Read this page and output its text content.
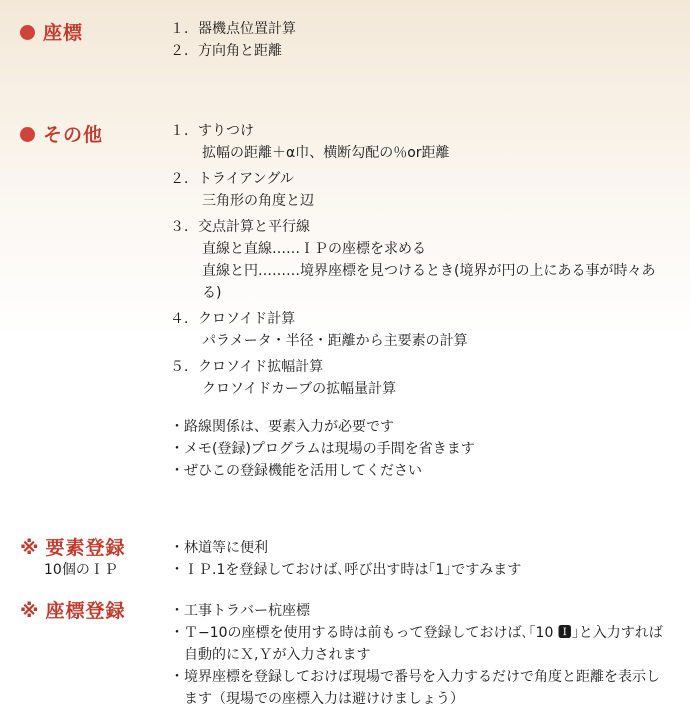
座標	１．器機点位置計算
２．方向角と距離
その他	１．すりつけ
拡幅の距離＋α巾、横断勾配の％or距離
２．トライアングル
三角形の角度と辺
３．交点計算と平行線
直線と直線……ＩＰの座標を求める
直線と円………境界座標を見つけるとき(境界が円の上にある事が時々ある)
４．クロソイド計算
パラメータ・半径・距離から主要素の計算
５．クロソイド拡幅計算
クロソイドカーブの拡幅量計算
・路線関係は、要素入力が必要です
・メモ(登録)プログラムは現場の手間を省きます
・ぜひこの登録機能を活用してください
※ 要素登録
10個のＩＰ
・林道等に便利
・ＩＰ.1を登録しておけば､呼び出す時は｢1｣ですみます
※ 座標登録	・工事トラバー杭座標
・Ｔ−10の座標を使用する時は前もって登録しておけば､｢10 🅸｣と入力すれば自動的にＸ,Ｙが入力されます
・境界座標を登録しておけば現場で番号を入力するだけで角度と距離を表示します（現場での座標入力は避けけましょう）
